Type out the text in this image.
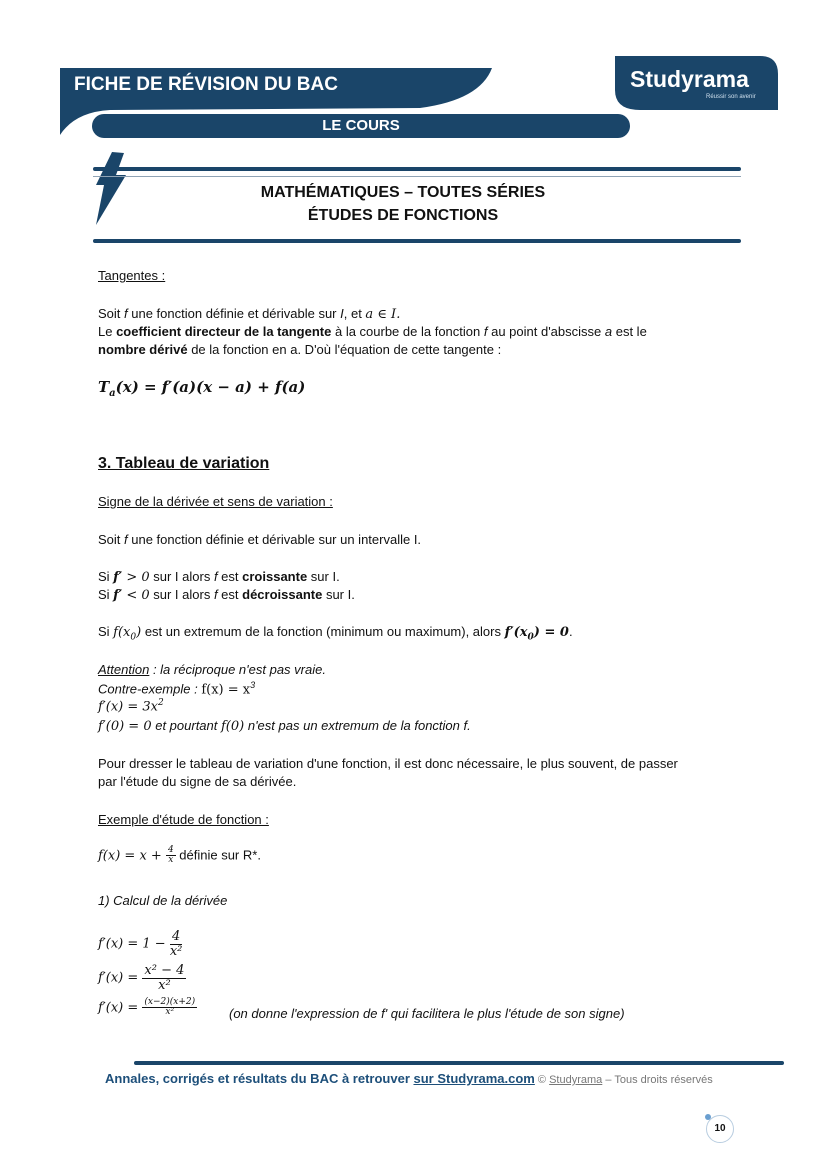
FICHE DE RÉVISION DU BAC	Studyrama
Réussir son avenir
LE COURS
MATHÉMATIQUES – TOUTES SÉRIES
ÉTUDES DE FONCTIONS
Tangentes :
Soit f une fonction définie et dérivable sur I, et a ∈ I.
Le coefficient directeur de la tangente à la courbe de la fonction f au point d'abscisse a est le
nombre dérivé de la fonction en a. D'où l'équation de cette tangente :
$T_a(x) = f'(a)(x - a) + f(a)$
3. Tableau de variation
Signe de la dérivée et sens de variation :
Soit f une fonction définie et dérivable sur un intervalle I.
Si f′ > 0 sur I alors f est croissante sur I.
Si f′ < 0 sur I alors f est décroissante sur I.
Si $f(x_0)$ est un extremum de la fonction (minimum ou maximum), alors $f'(x_0) = 0$.
Attention : la réciproque n'est pas vraie.
Contre-exemple : $f(x) = x^3$
$f'(x) = 3x^2$
f′(0) = 0 et pourtant f(0) n'est pas un extremum de la fonction f.
Pour dresser le tableau de variation d'une fonction, il est donc nécessaire, le plus souvent, de passer
par l'étude du signe de sa dérivée.
Exemple d'étude de fonction :
$f(x) = x + \frac{4}{x}$ définie sur R*.
1) Calcul de la dérivée
$f'(x) = 1 - \frac{4}{\text{x²}}$
$f'(x) = \frac{\text{x² − 4}}{\text{x²}}$
$f'(x) = \frac{(x-2)(x+2)}{\text{x²}} (on$ donne l'expression de f' qui facilitera le plus l'étude de son signe)
Annales, corrigés et résultats du BAC à retrouver sur Studyrama.com © Studyrama – Tous droits réservés
10
